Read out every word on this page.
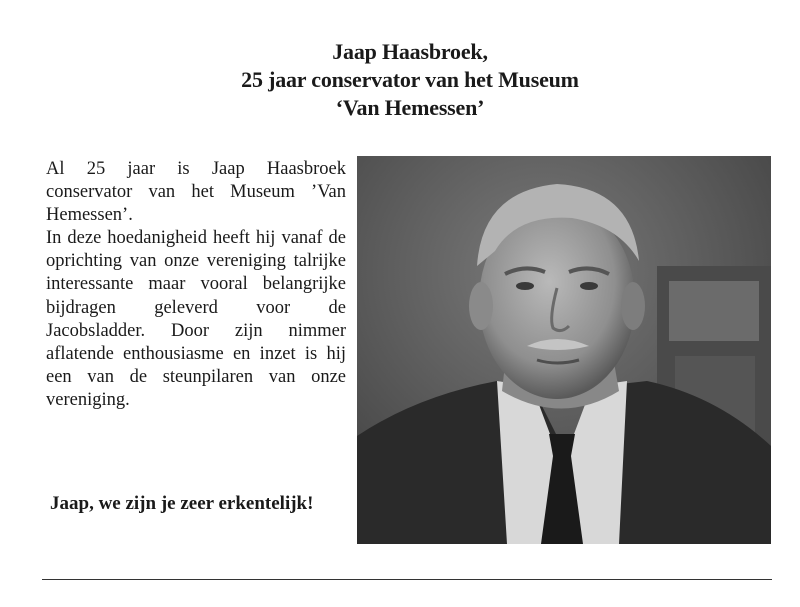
Jaap Haasbroek,
25 jaar conservator van het Museum
‘Van Hemessen’
Al 25 jaar is Jaap Haasbroek conservator van het Museum ’Van Hemessen’.
In deze hoedanigheid heeft hij vanaf de oprichting van onze vereniging talrijke interessante maar vooral belangrijke bijdragen geleverd voor de Jacobsladder. Door zijn nimmer aflatende enthousiasme en inzet is hij een van de steunpilaren van onze vereniging.
Jaap, we zijn je zeer erkentelijk!
